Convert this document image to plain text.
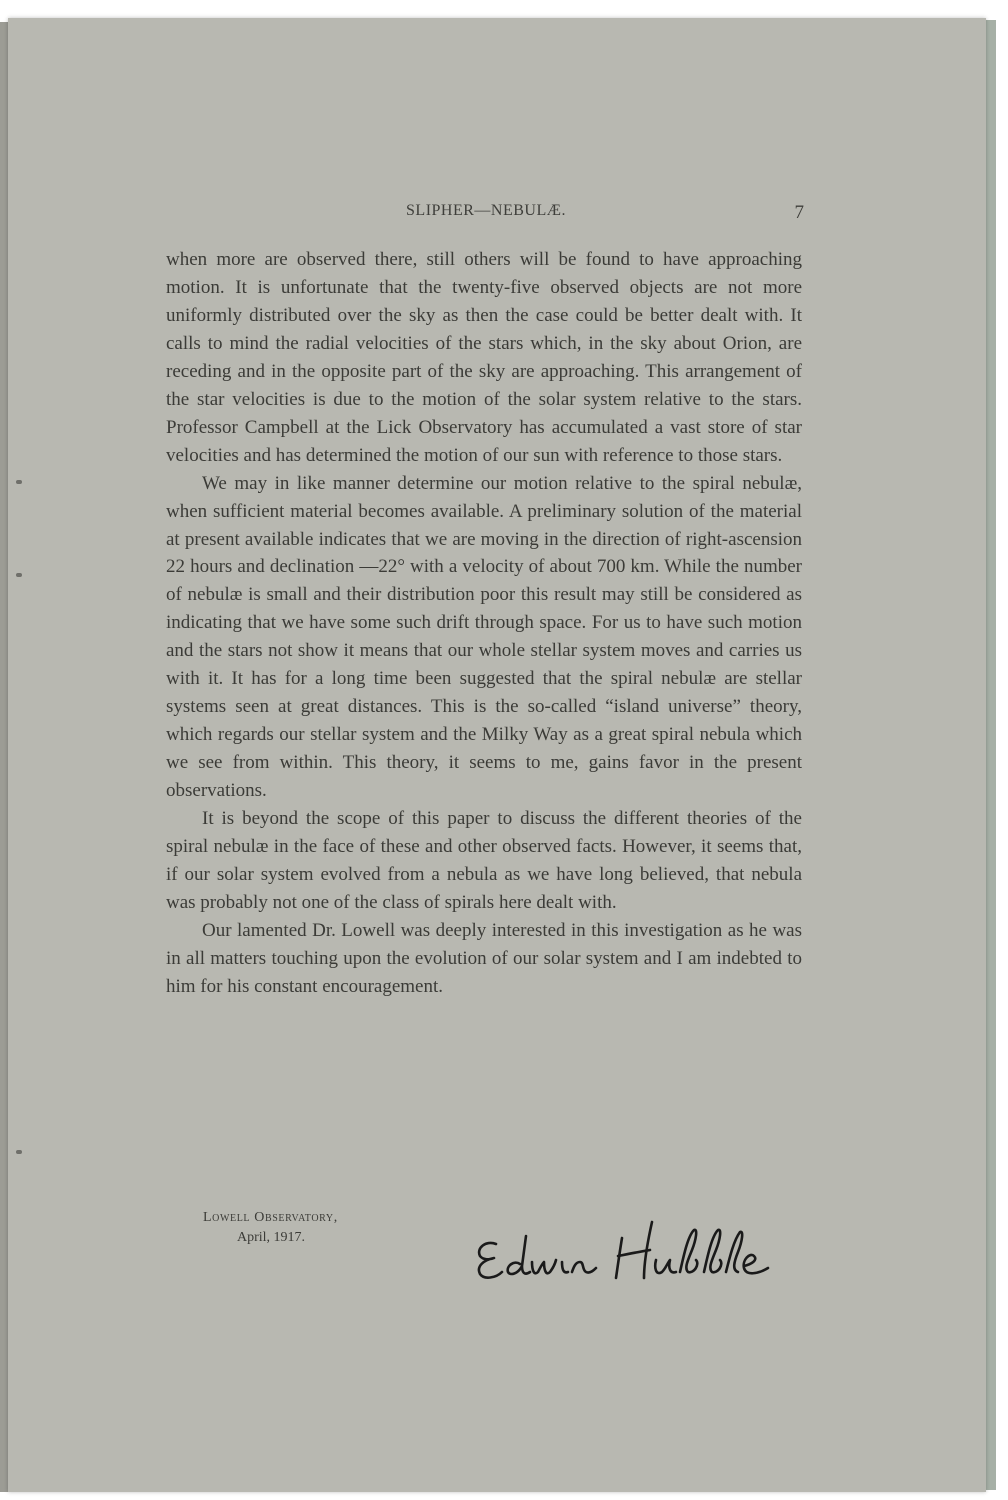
SLIPHER—NEBULÆ.	7

when more are observed there, still others will be found to have approaching motion. It is unfortunate that the twenty-five observed objects are not more uniformly distributed over the sky as then the case could be better dealt with. It calls to mind the radial velocities of the stars which, in the sky about Orion, are receding and in the opposite part of the sky are approaching. This arrangement of the star velocities is due to the motion of the solar system relative to the stars. Professor Campbell at the Lick Observatory has accumulated a vast store of star velocities and has determined the motion of our sun with reference to those stars.

We may in like manner determine our motion relative to the spiral nebulæ, when sufficient material becomes available. A preliminary solution of the material at present available indicates that we are moving in the direction of right-ascension 22 hours and declination —22° with a velocity of about 700 km. While the number of nebulæ is small and their distribution poor this result may still be considered as indicating that we have some such drift through space. For us to have such motion and the stars not show it means that our whole stellar system moves and carries us with it. It has for a long time been suggested that the spiral nebulæ are stellar systems seen at great distances. This is the so-called “island universe” theory, which regards our stellar system and the Milky Way as a great spiral nebula which we see from within. This theory, it seems to me, gains favor in the present observations.

It is beyond the scope of this paper to discuss the different theories of the spiral nebulæ in the face of these and other observed facts. However, it seems that, if our solar system evolved from a nebula as we have long believed, that nebula was probably not one of the class of spirals here dealt with.

Our lamented Dr. Lowell was deeply interested in this investigation as he was in all matters touching upon the evolution of our solar system and I am indebted to him for his constant encouragement.

Lowell Observatory,
April, 1917.
